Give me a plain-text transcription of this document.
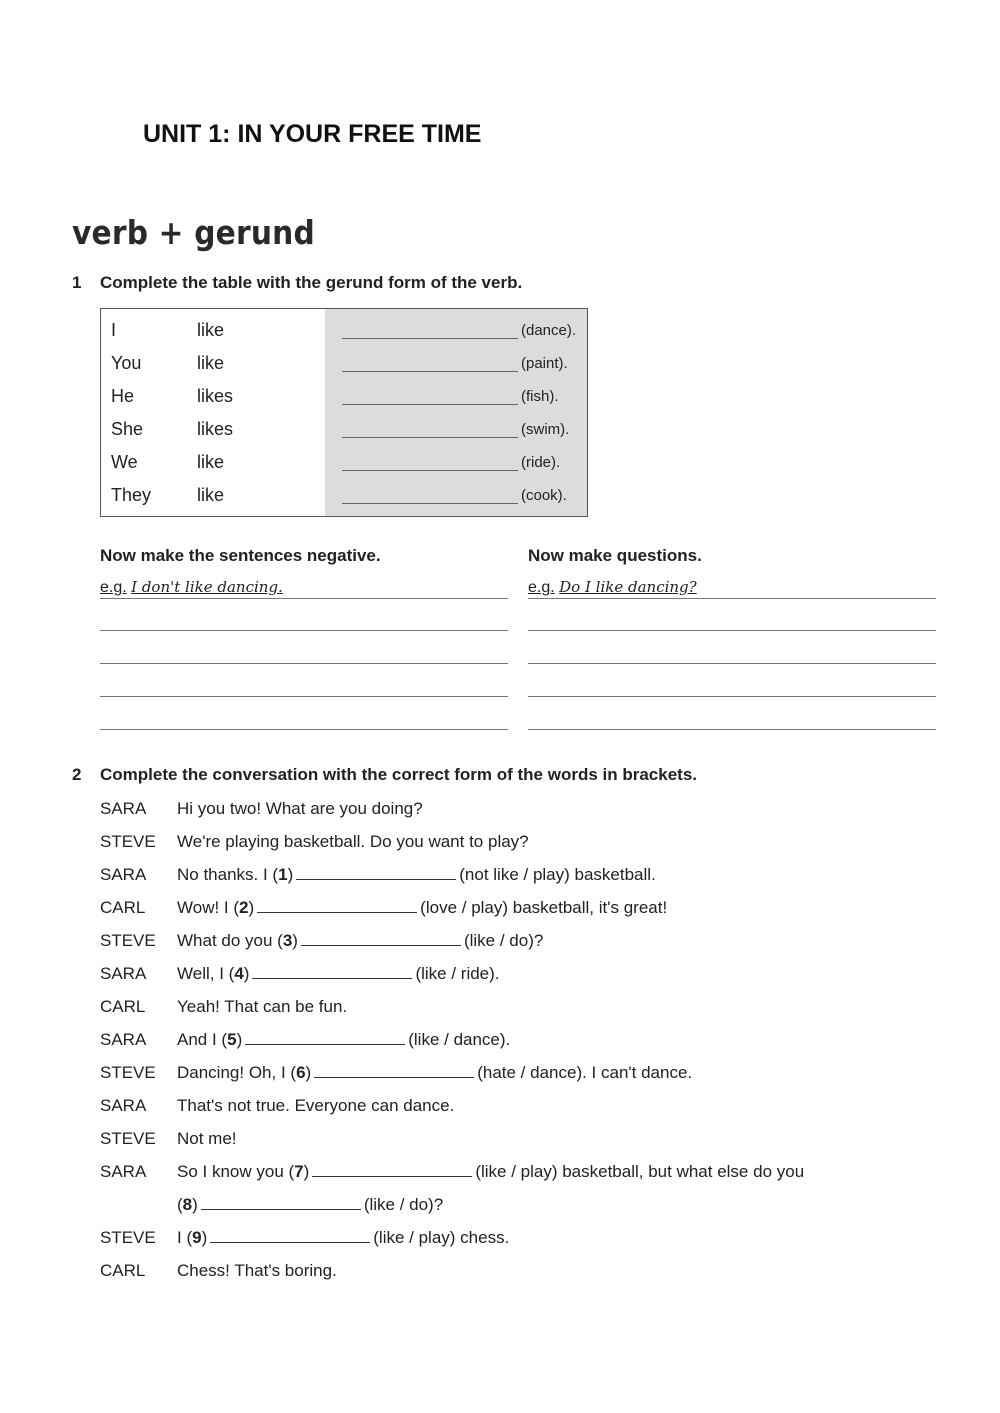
UNIT 1: IN YOUR FREE TIME
verb + gerund
1 Complete the table with the gerund form of the verb.
I	like	(dance).
You	like	(paint).
He	likes	(fish).
She	likes	(swim).
We	like	(ride).
They	like	(cook).
Now make the sentences negative.	Now make questions.
e.g. I don't like dancing.	e.g. Do I like dancing?
2 Complete the conversation with the correct form of the words in brackets.
SARA	Hi you two! What are you doing?
STEVE	We're playing basketball. Do you want to play?
SARA	No thanks. I (1)	(not like / play) basketball.
CARL	Wow! I (2)	(love / play) basketball, it's great!
STEVE	What do you (3)	(like / do)?
SARA	Well, I (4)	(like / ride).
CARL	Yeah! That can be fun.
SARA	And I (5)	(like / dance).
STEVE	Dancing! Oh, I (6)	(hate / dance). I can't dance.
SARA	That's not true. Everyone can dance.
STEVE	Not me!
SARA	So I know you (7)	(like / play) basketball, but what else do you
(8)	(like / do)?
STEVE	I (9)	(like / play) chess.
CARL	Chess! That's boring.
